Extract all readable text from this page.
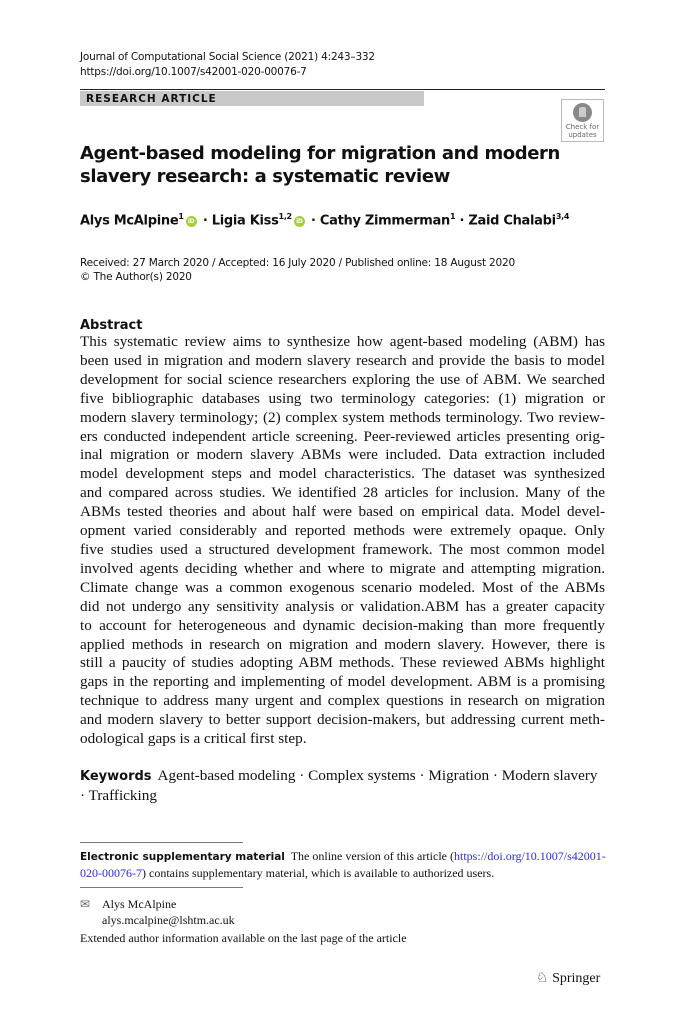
Journal of Computational Social Science (2021) 4:243–332
https://doi.org/10.1007/s42001-020-00076-7
RESEARCH ARTICLE
Check for
updates
Agent-based modeling for migration and modern slavery research: a systematic review
Alys McAlpine$^1$iD · Ligia Kiss$^{1,2}$iD · Cathy Zimmerman$^1$ · Zaid Chalabi$^{3,4}$
Received: 27 March 2020 / Accepted: 16 July 2020 / Published online: 18 August 2020
© The Author(s) 2020
Abstract
This systematic review aims to synthesize how agent-based modeling (ABM) has
been used in migration and modern slavery research and provide the basis to model
development for social science researchers exploring the use of ABM. We searched
five bibliographic databases using two terminology categories: (1) migration or
modern slavery terminology; (2) complex system methods terminology. Two review-
ers conducted independent article screening. Peer-reviewed articles presenting orig-
inal migration or modern slavery ABMs were included. Data extraction included
model development steps and model characteristics. The dataset was synthesized
and compared across studies. We identified 28 articles for inclusion. Many of the
ABMs tested theories and about half were based on empirical data. Model devel-
opment varied considerably and reported methods were extremely opaque. Only
five studies used a structured development framework. The most common model
involved agents deciding whether and where to migrate and attempting migration.
Climate change was a common exogenous scenario modeled. Most of the ABMs
did not undergo any sensitivity analysis or validation.ABM has a greater capacity
to account for heterogeneous and dynamic decision-making than more frequently
applied methods in research on migration and modern slavery. However, there is
still a paucity of studies adopting ABM methods. These reviewed ABMs highlight
gaps in the reporting and implementing of model development. ABM is a promising
technique to address many urgent and complex questions in research on migration
and modern slavery to better support decision-makers, but addressing current meth-
odological gaps is a critical first step.
Keywords Agent-based modeling · Complex systems · Migration · Modern slavery · Trafficking
Electronic supplementary material The online version of this article (https://doi.org/10.1007/s42001-020-00076-7) contains supplementary material, which is available to authorized users.
✉ Alys McAlpine
alys.mcalpine@lshtm.ac.uk
Extended author information available on the last page of the article
♘ Springer
